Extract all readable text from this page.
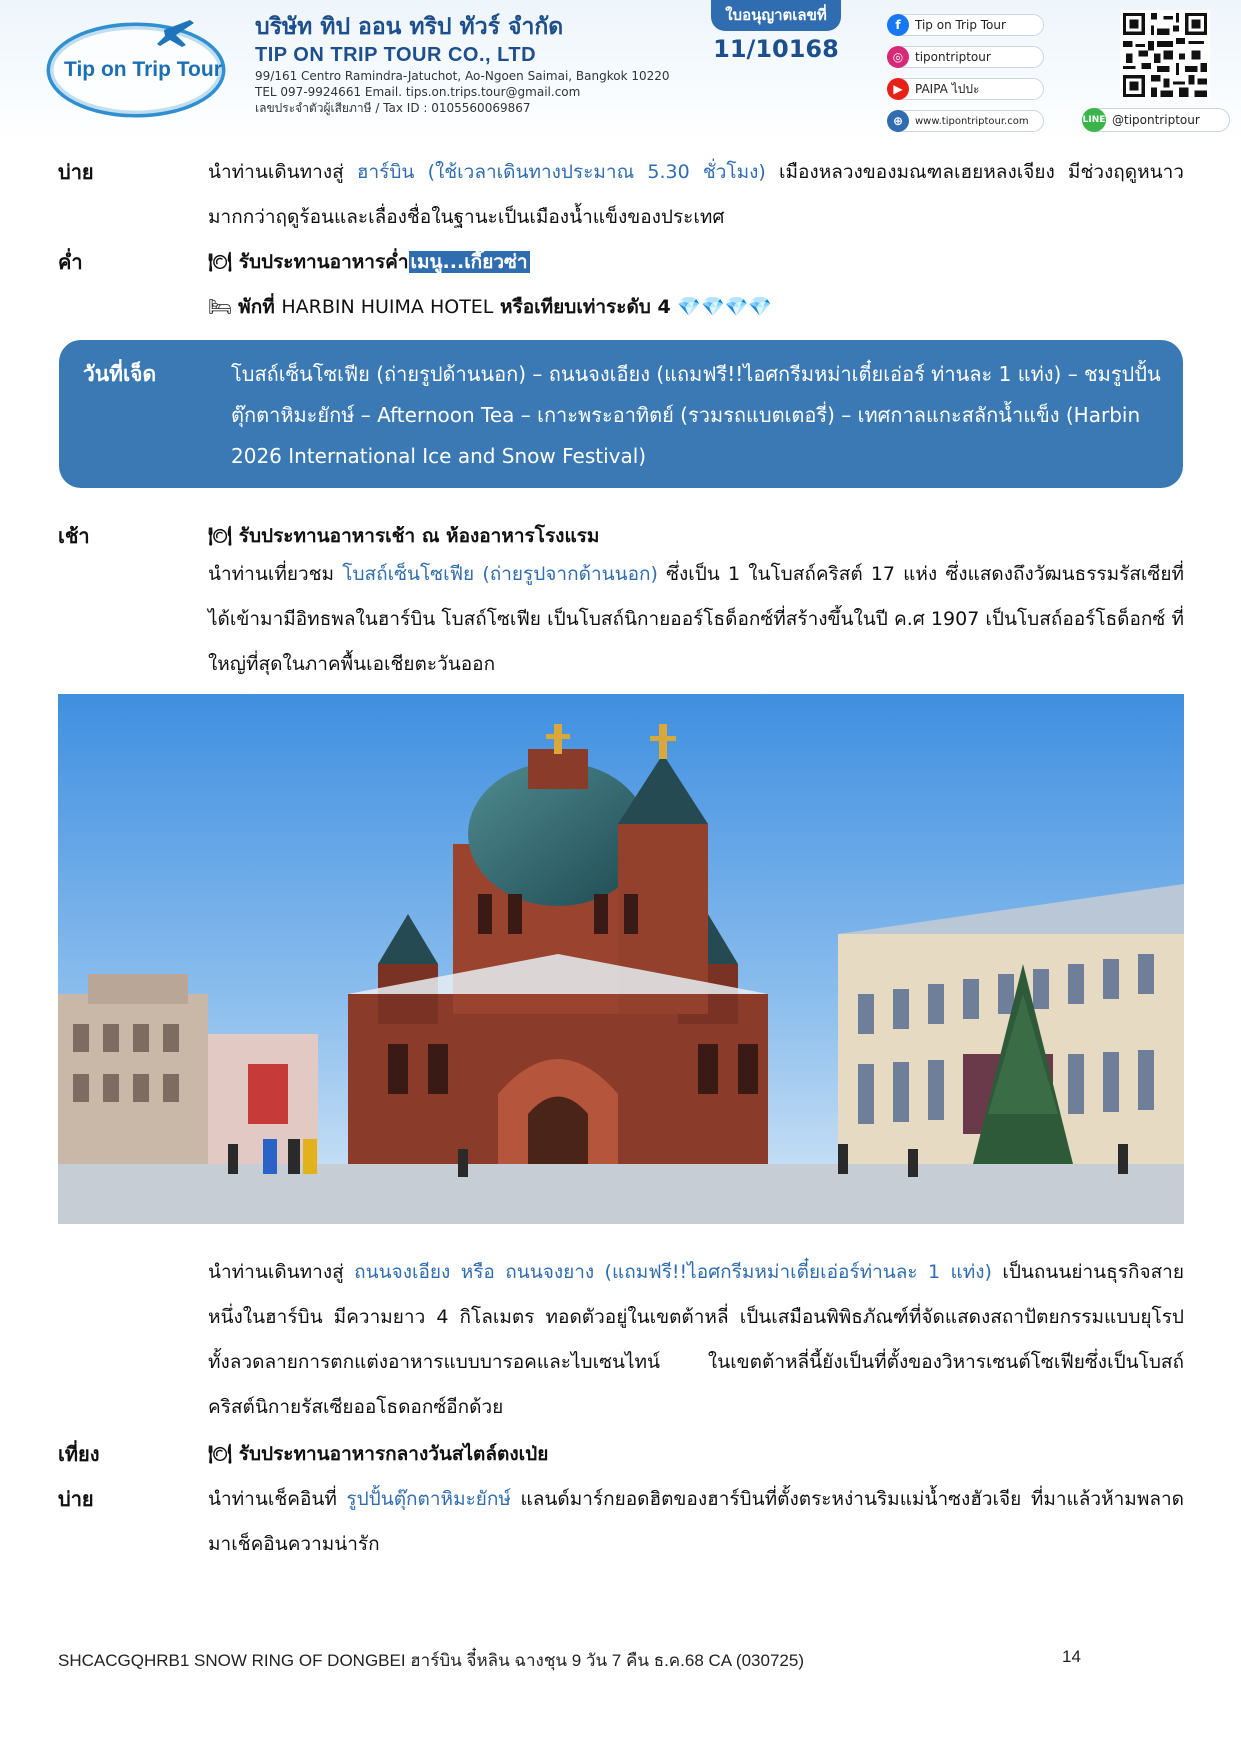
Tip on Trip Tour
บริษัท ทิป ออน ทริป ทัวร์ จำกัด
TIP ON TRIP TOUR CO., LTD
99/161 Centro Ramindra-Jatuchot, Ao-Ngoen Saimai, Bangkok 10220
TEL 097-9924661 Email. tips.on.trips.tour@gmail.com
เลขประจำตัวผู้เสียภาษี / Tax ID : 0105560069867
ใบอนุญาตเลขที่
11/10168
f	Tip on Trip Tour
◎ tipontriptour
▶	PAIPA ไปปะ
⊕	www.tipontriptour.com	LINE @tipontriptour
บ่าย	นำท่านเดินทางสู่ ฮาร์บิน (ใช้เวลาเดินทางประมาณ 5.30 ชั่วโมง) เมืองหลวงของมณฑลเฮยหลงเจียง มีช่วงฤดูหนาวมากกว่าฤดูร้อนและเลื่องชื่อในฐานะเป็นเมืองน้ำแข็งของประเทศ
ค่ำ	🍽 รับประทานอาหารค่ำ เมนู...เกี๊ยวซ่า
🛏 พักที่ HARBIN HUIMA HOTEL หรือเทียบเท่าระดับ 4 💎💎💎💎
วันที่เจ็ด	โบสถ์เซ็นโซเฟีย (ถ่ายรูปด้านนอก) – ถนนจงเอียง (แถมฟรี!!ไอศกรีมหม่าเตี๋ยเอ่อร์ ท่านละ 1 แท่ง) – ชมรูปปั้นตุ๊กตาหิมะยักษ์ – Afternoon Tea – เกาะพระอาทิตย์ (รวมรถแบตเตอรี่) – เทศกาลแกะสลักน้ำแข็ง (Harbin 2026 International Ice and Snow Festival)
เช้า	🍽 รับประทานอาหารเช้า ณ ห้องอาหารโรงแรม
นำท่านเที่ยวชม โบสถ์เซ็นโซเฟีย (ถ่ายรูปจากด้านนอก) ซึ่งเป็น 1 ในโบสถ์คริสต์ 17 แห่ง ซึ่งแสดงถึงวัฒนธรรมรัสเซียที่ได้เข้ามามีอิทธพลในฮาร์บิน โบสถ์โซเฟีย เป็นโบสถ์นิกายออร์โธด็อกซ์ที่สร้างขึ้นในปี ค.ศ 1907 เป็นโบสถ์ออร์โธด็อกซ์ ที่ใหญ่ที่สุดในภาคพื้นเอเชียตะวันออก
นำท่านเดินทางสู่ ถนนจงเอียง หรือ ถนนจงยาง (แถมฟรี!!ไอศกรีมหม่าเตี๋ยเอ่อร์ท่านละ 1 แท่ง) เป็นถนนย่านธุรกิจสายหนึ่งในฮาร์บิน มีความยาว 4 กิโลเมตร ทอดตัวอยู่ในเขตต้าหลี่ เป็นเสมือนพิพิธภัณฑ์ที่จัดแสดงสถาปัตยกรรมแบบยุโรป ทั้งลวดลายการตกแต่งอาหารแบบบารอคและไบเซนไทน์ ในเขตต้าหลี่นี้ยังเป็นที่ตั้งของวิหารเซนต์โซเฟียซึ่งเป็นโบสถ์คริสต์นิกายรัสเซียออโธดอกซ์อีกด้วย
เที่ยง	🍽 รับประทานอาหารกลางวันสไตล์ตงเป่ย
บ่าย	นำท่านเช็คอินที่ รูปปั้นตุ๊กตาหิมะยักษ์ แลนด์มาร์กยอดฮิตของฮาร์บินที่ตั้งตระหง่านริมแม่น้ำซงฮัวเจีย ที่มาแล้วห้ามพลาดมาเช็คอินความน่ารัก
SHCACGQHRB1 SNOW RING OF DONGBEI ฮาร์บิน จี๋หลิน ฉางชุน 9 วัน 7 คืน ธ.ค.68 CA (030725)	14
